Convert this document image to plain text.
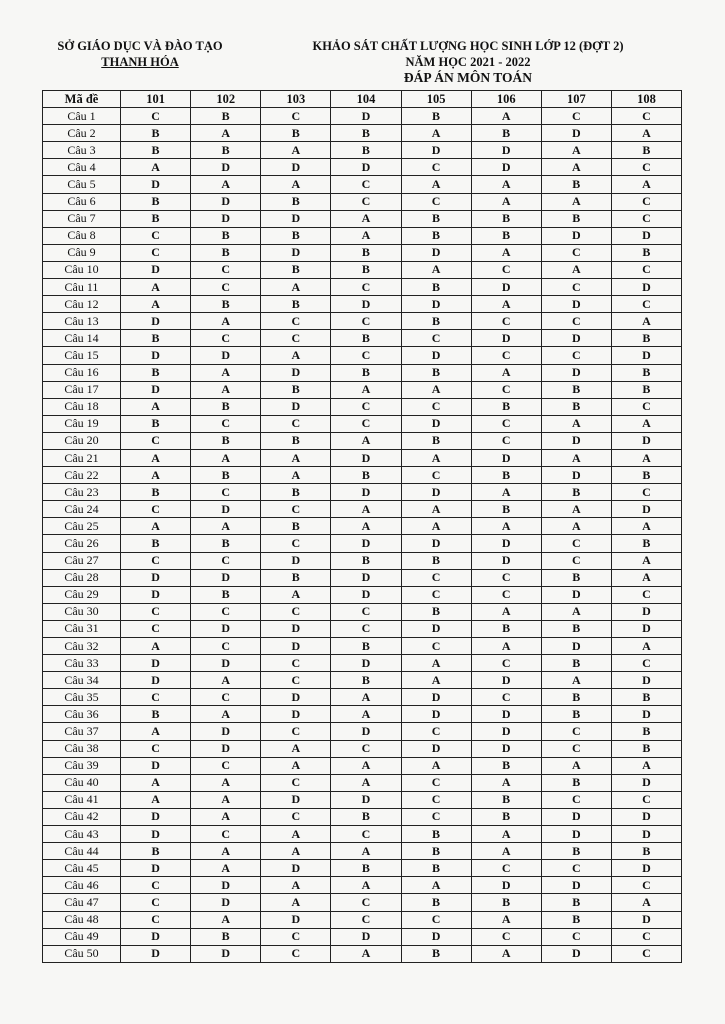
SỞ GIÁO DỤC VÀ ĐÀO TẠO
THANH HÓA
KHẢO SÁT CHẤT LƯỢNG HỌC SINH LỚP 12 (ĐỢT 2)
NĂM HỌC 2021 - 2022
ĐÁP ÁN MÔN TOÁN
Mã đề	101	102	103	104	105	106	107	108
Câu 1	C	B	C	D	B	A	C	C
Câu 2	B	A	B	B	A	B	D	A
Câu 3	B	B	A	B	D	D	A	B
Câu 4	A	D	D	D	C	D	A	C
Câu 5	D	A	A	C	A	A	B	A
Câu 6	B	D	B	C	C	A	A	C
Câu 7	B	D	D	A	B	B	B	C
Câu 8	C	B	B	A	B	B	D	D
Câu 9	C	B	D	B	D	A	C	B
Câu 10	D	C	B	B	A	C	A	C
Câu 11	A	C	A	C	B	D	C	D
Câu 12	A	B	B	D	D	A	D	C
Câu 13	D	A	C	C	B	C	C	A
Câu 14	B	C	C	B	C	D	D	B
Câu 15	D	D	A	C	D	C	C	D
Câu 16	B	A	D	B	B	A	D	B
Câu 17	D	A	B	A	A	C	B	B
Câu 18	A	B	D	C	C	B	B	C
Câu 19	B	C	C	C	D	C	A	A
Câu 20	C	B	B	A	B	C	D	D
Câu 21	A	A	A	D	A	D	A	A
Câu 22	A	B	A	B	C	B	D	B
Câu 23	B	C	B	D	D	A	B	C
Câu 24	C	D	C	A	A	B	A	D
Câu 25	A	A	B	A	A	A	A	A
Câu 26	B	B	C	D	D	D	C	B
Câu 27	C	C	D	B	B	D	C	A
Câu 28	D	D	B	D	C	C	B	A
Câu 29	D	B	A	D	C	C	D	C
Câu 30	C	C	C	C	B	A	A	D
Câu 31	C	D	D	C	D	B	B	D
Câu 32	A	C	D	B	C	A	D	A
Câu 33	D	D	C	D	A	C	B	C
Câu 34	D	A	C	B	A	D	A	D
Câu 35	C	C	D	A	D	C	B	B
Câu 36	B	A	D	A	D	D	B	D
Câu 37	A	D	C	D	C	D	C	B
Câu 38	C	D	A	C	D	D	C	B
Câu 39	D	C	A	A	A	B	A	A
Câu 40	A	A	C	A	C	A	B	D
Câu 41	A	A	D	D	C	B	C	C
Câu 42	D	A	C	B	C	B	D	D
Câu 43	D	C	A	C	B	A	D	D
Câu 44	B	A	A	A	B	A	B	B
Câu 45	D	A	D	B	B	C	C	D
Câu 46	C	D	A	A	A	D	D	C
Câu 47	C	D	A	C	B	B	B	A
Câu 48	C	A	D	C	C	A	B	D
Câu 49	D	B	C	D	D	C	C	C
Câu 50	D	D	C	A	B	A	D	C
